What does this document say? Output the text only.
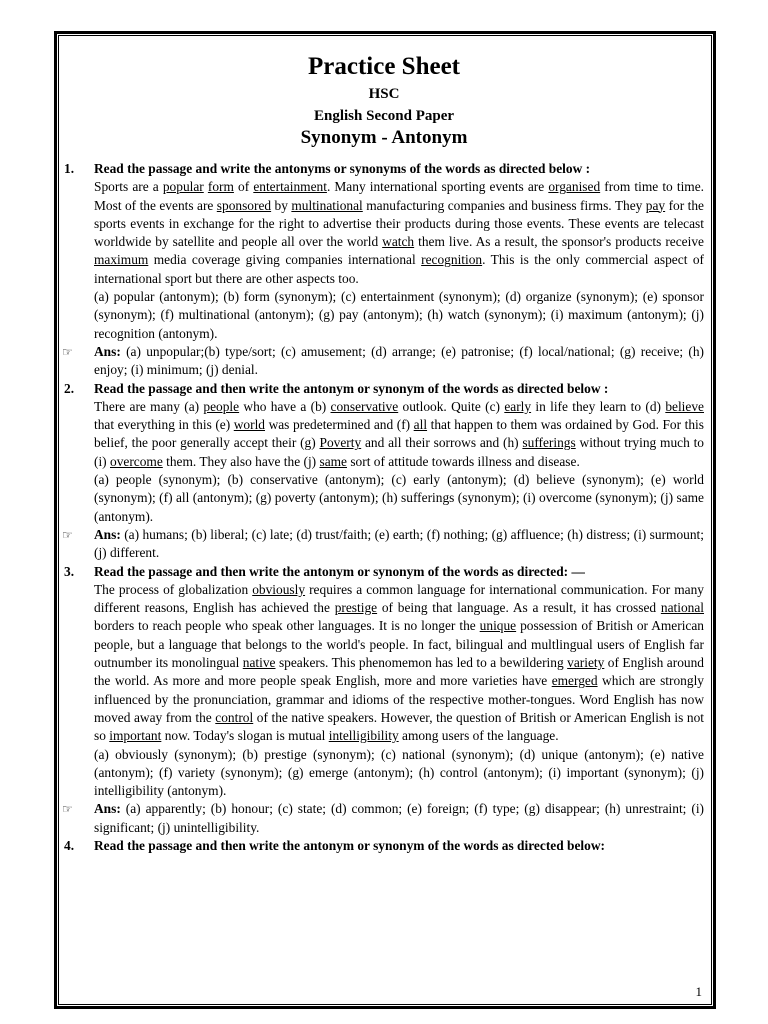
Practice Sheet
HSC
English Second Paper
Synonym - Antonym
1. Read the passage and write the antonyms or synonyms of the words as directed below :

Sports are a popular form of entertainment. Many international sporting events are organised from time to time. Most of the events are sponsored by multinational manufacturing companies and business firms. They pay for the sports events in exchange for the right to advertise their products during those events. These events are telecast worldwide by satellite and people all over the world watch them live. As a result, the sponsor's products receive maximum media coverage giving companies international recognition. This is the only commercial aspect of international sport but there are other aspects too.

(a) popular (antonym); (b) form (synonym); (c) entertainment (synonym); (d) organize (synonym); (e) sponsor (synonym); (f) multinational (antonym); (g) pay (antonym); (h) watch (synonym); (i) maximum (antonym); (j) recognition (antonym).

☞ Ans: (a) unpopular;(b) type/sort; (c) amusement; (d) arrange; (e) patronise; (f) local/national; (g) receive; (h) enjoy; (i) minimum; (j) denial.

2. Read the passage and then write the antonym or synonym of the words as directed below :

There are many (a) people who have a (b) conservative outlook. Quite (c) early in life they learn to (d) believe that everything in this (e) world was predetermined and (f) all that happen to them was ordained by God. For this belief, the poor generally accept their (g) Poverty and all their sorrows and (h) sufferings without trying much to (i) overcome them. They also have the (j) same sort of attitude towards illness and disease.

(a) people (synonym); (b) conservative (antonym); (c) early (antonym); (d) believe (synonym); (e) world (synonym); (f) all (antonym); (g) poverty (antonym); (h) sufferings (synonym); (i) overcome (synonym); (j) same (antonym).

☞ Ans: (a) humans; (b) liberal; (c) late; (d) trust/faith; (e) earth; (f) nothing; (g) affluence; (h) distress; (i) surmount; (j) different.

3. Read the passage and then write the antonym or synonym of the words as directed: —

The process of globalization obviously requires a common language for international communication. For many different reasons, English has achieved the prestige of being that language. As a result, it has crossed national borders to reach people who speak other languages. It is no longer the unique possession of British or American people, but a language that belongs to the world's people. In fact, bilingual and multlingual users of English far outnumber its monolingual native speakers. This phenomemon has led to a bewildering variety of English around the world. As more and more people speak English, more and more varieties have emerged which are strongly influenced by the pronunciation, grammar and idioms of the respective mother-tongues. Word English has now moved away from the control of the native speakers. However, the question of British or American English is not so important now. Today's slogan is mutual intelligibility among users of the language.

(a) obviously (synonym); (b) prestige (synonym); (c) national (synonym); (d) unique (antonym); (e) native (antonym); (f) variety (synonym); (g) emerge (antonym); (h) control (antonym); (i) important (synonym); (j) intelligibility (antonym).

☞ Ans: (a) apparently; (b) honour; (c) state; (d) common; (e) foreign; (f) type; (g) disappear; (h) unrestraint; (i) significant; (j) unintelligibility.

4. Read the passage and then write the antonym or synonym of the words as directed below:

1
